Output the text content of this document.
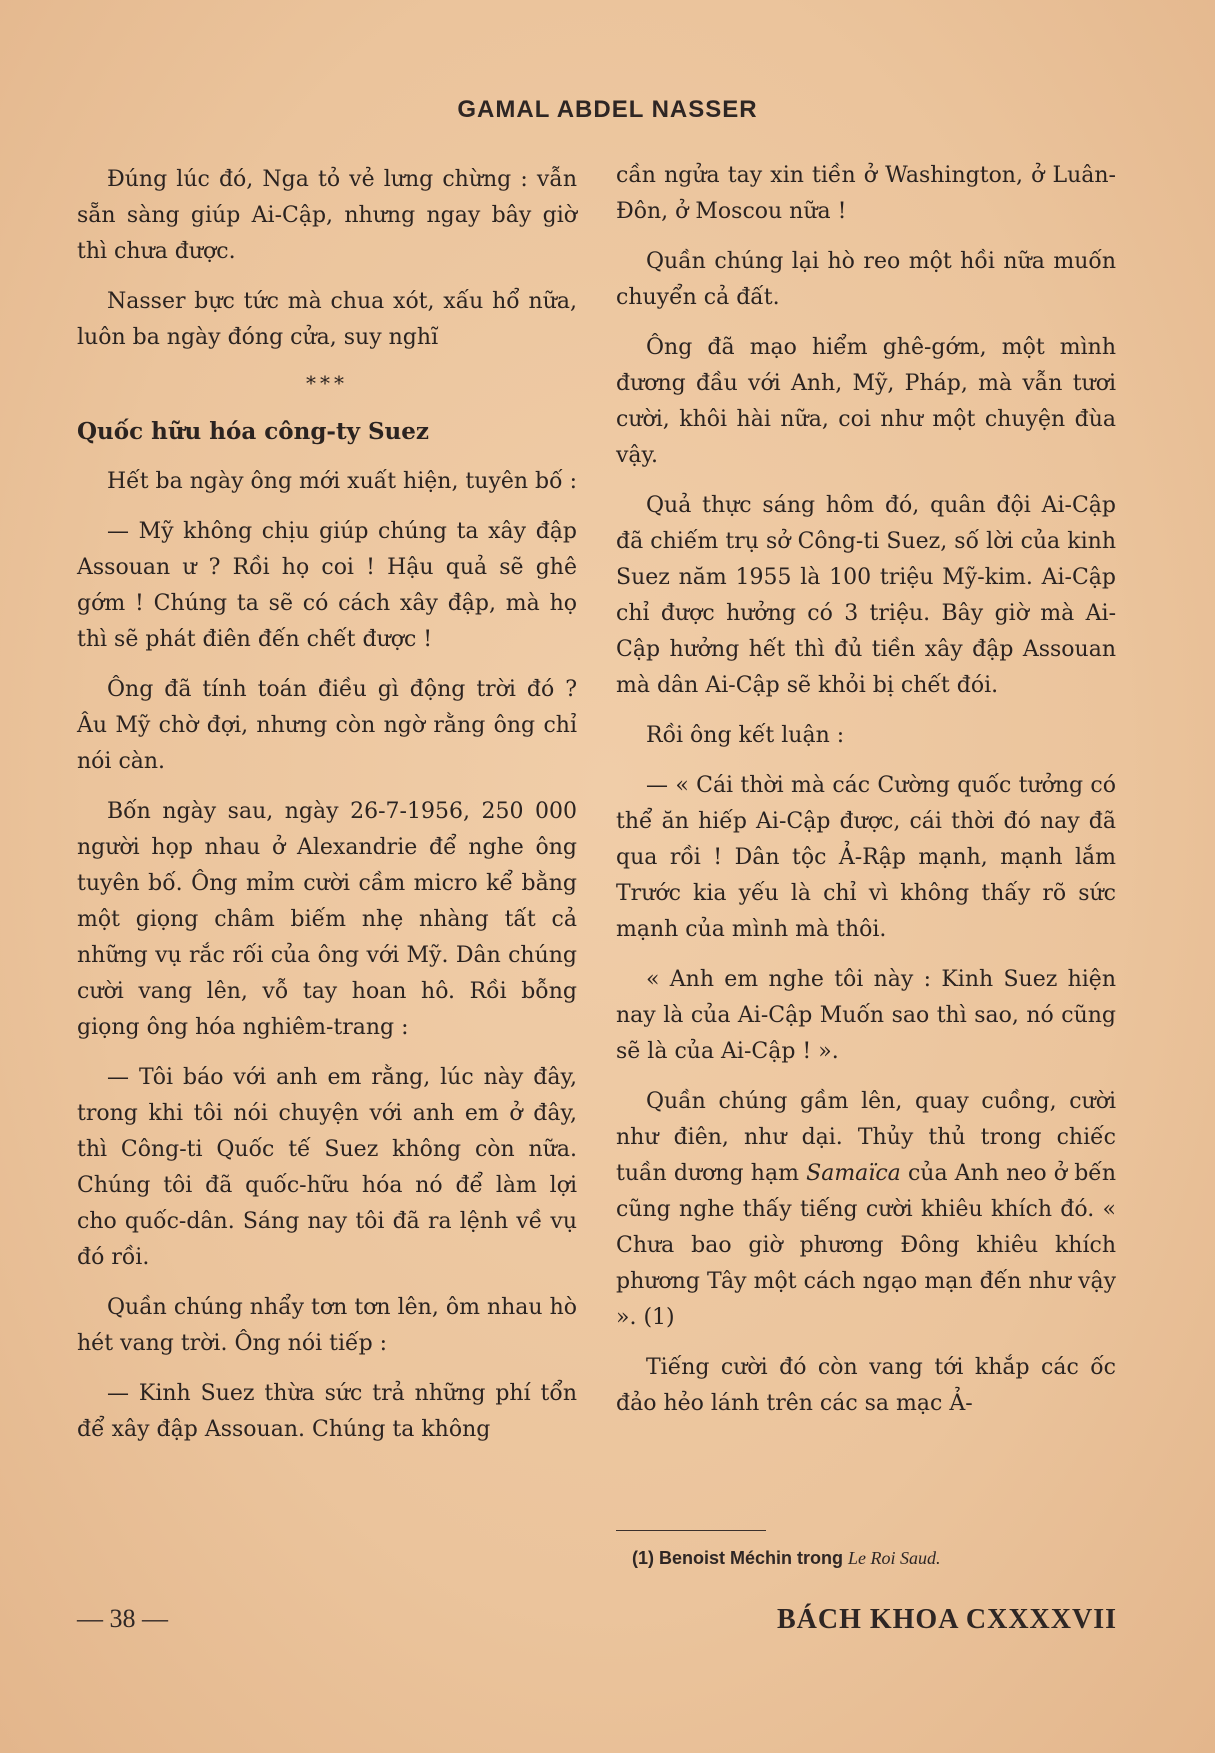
GAMAL ABDEL NASSER

Đúng lúc đó, Nga tỏ vẻ lưng chừng : vẫn sẵn sàng giúp Ai-Cập, nhưng ngay bây giờ thì chưa được.

Nasser bực tức mà chua xót, xấu hổ nữa, luôn ba ngày đóng cửa, suy nghĩ

***

Quốc hữu hóa công-ty Suez

Hết ba ngày ông mới xuất hiện, tuyên bố :

— Mỹ không chịu giúp chúng ta xây đập Assouan ư ? Rồi họ coi ! Hậu quả sẽ ghê gớm ! Chúng ta sẽ có cách xây đập, mà họ thì sẽ phát điên đến chết được !

Ông đã tính toán điều gì động trời đó ? Âu Mỹ chờ đợi, nhưng còn ngờ rằng ông chỉ nói càn.

Bốn ngày sau, ngày 26-7-1956, 250 000 người họp nhau ở Alexandrie để nghe ông tuyên bố. Ông mỉm cười cầm micro kể bằng một giọng châm biếm nhẹ nhàng tất cả những vụ rắc rối của ông với Mỹ. Dân chúng cười vang lên, vỗ tay hoan hô. Rồi bỗng giọng ông hóa nghiêm-trang :

— Tôi báo với anh em rằng, lúc này đây, trong khi tôi nói chuyện với anh em ở đây, thì Công-ti Quốc tế Suez không còn nữa. Chúng tôi đã quốc-hữu hóa nó để làm lợi cho quốc-dân. Sáng nay tôi đã ra lệnh về vụ đó rồi.

Quần chúng nhẩy tơn tơn lên, ôm nhau hò hét vang trời. Ông nói tiếp :

— Kinh Suez thừa sức trả những phí tổn để xây đập Assouan. Chúng ta không

cần ngửa tay xin tiền ở Washington, ở Luân-Đôn, ở Moscou nữa !

Quần chúng lại hò reo một hồi nữa muốn chuyển cả đất.

Ông đã mạo hiểm ghê-gớm, một mình đương đầu với Anh, Mỹ, Pháp, mà vẫn tươi cười, khôi hài nữa, coi như một chuyện đùa vậy.

Quả thực sáng hôm đó, quân đội Ai-Cập đã chiếm trụ sở Công-ti Suez, số lời của kinh Suez năm 1955 là 100 triệu Mỹ-kim. Ai-Cập chỉ được hưởng có 3 triệu. Bây giờ mà Ai-Cập hưởng hết thì đủ tiền xây đập Assouan mà dân Ai-Cập sẽ khỏi bị chết đói.

Rồi ông kết luận :

— « Cái thời mà các Cường quốc tưởng có thể ăn hiếp Ai-Cập được, cái thời đó nay đã qua rồi ! Dân tộc Ả-Rập mạnh, mạnh lắm Trước kia yếu là chỉ vì không thấy rõ sức mạnh của mình mà thôi.

« Anh em nghe tôi này : Kinh Suez hiện nay là của Ai-Cập Muốn sao thì sao, nó cũng sẽ là của Ai-Cập ! ».

Quần chúng gầm lên, quay cuồng, cười như điên, như dại. Thủy thủ trong chiếc tuần dương hạm Samaïca của Anh neo ở bến cũng nghe thấy tiếng cười khiêu khích đó. « Chưa bao giờ phương Đông khiêu khích phương Tây một cách ngạo mạn đến như vậy ». (1)

Tiếng cười đó còn vang tới khắp các ốc đảo hẻo lánh trên các sa mạc Ả-

(1) Benoist Méchin trong Le Roi Saud.
— 38 —	BÁCH KHOA CXXXXVII
